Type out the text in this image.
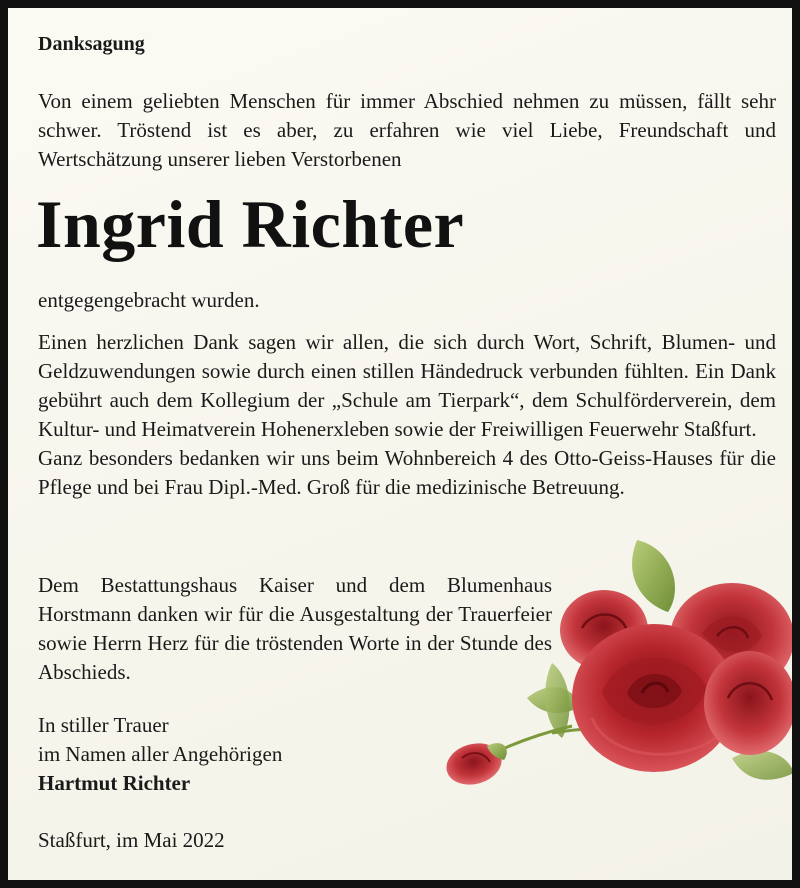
Danksagung

Von einem geliebten Menschen für immer Abschied nehmen zu müssen, fällt sehr schwer. Tröstend ist es aber, zu erfahren wie viel Liebe, Freundschaft und Wertschätzung unserer lieben Verstorbenen

Ingrid Richter

entgegengebracht wurden.

Einen herzlichen Dank sagen wir allen, die sich durch Wort, Schrift, Blumen- und Geldzuwendungen sowie durch einen stillen Händedruck verbunden fühlten. Ein Dank gebührt auch dem Kollegium der „Schule am Tierpark“, dem Schulförderverein, dem Kultur- und Heimatverein Hohenerxleben sowie der Freiwilligen Feuerwehr Staßfurt.
Ganz besonders bedanken wir uns beim Wohnbereich 4 des Otto-Geiss-Hauses für die Pflege und bei Frau Dipl.-Med. Groß für die medizinische Betreuung.

Dem Bestattungshaus Kaiser und dem Blumenhaus Horstmann danken wir für die Ausgestaltung der Trauerfeier sowie Herrn Herz für die tröstenden Worte in der Stunde des Abschieds.

In stiller Trauer
im Namen aller Angehörigen
Hartmut Richter

Staßfurt, im Mai 2022
